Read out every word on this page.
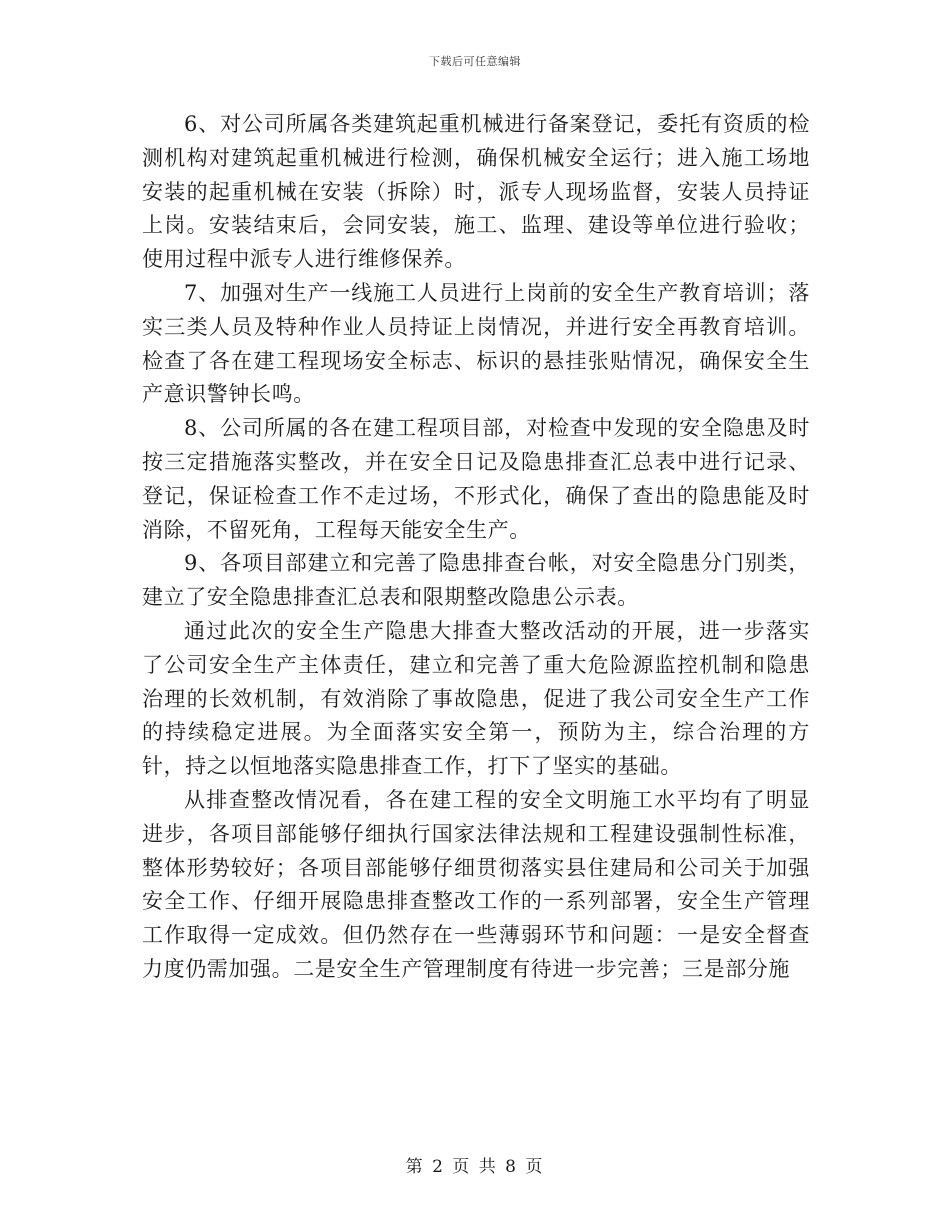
下载后可任意编辑

6、对公司所属各类建筑起重机械进行备案登记，委托有资质的检测机构对建筑起重机械进行检测，确保机械安全运行；进入施工场地安装的起重机械在安装（拆除）时，派专人现场监督，安装人员持证上岗。安装结束后，会同安装，施工、监理、建设等单位进行验收；使用过程中派专人进行维修保养。

7、加强对生产一线施工人员进行上岗前的安全生产教育培训；落实三类人员及特种作业人员持证上岗情况，并进行安全再教育培训。检查了各在建工程现场安全标志、标识的悬挂张贴情况，确保安全生产意识警钟长鸣。

8、公司所属的各在建工程项目部，对检查中发现的安全隐患及时按三定措施落实整改，并在安全日记及隐患排查汇总表中进行记录、登记，保证检查工作不走过场，不形式化，确保了查出的隐患能及时消除，不留死角，工程每天能安全生产。

9、各项目部建立和完善了隐患排查台帐，对安全隐患分门别类，建立了安全隐患排查汇总表和限期整改隐患公示表。

通过此次的安全生产隐患大排查大整改活动的开展，进一步落实了公司安全生产主体责任，建立和完善了重大危险源监控机制和隐患治理的长效机制，有效消除了事故隐患，促进了我公司安全生产工作的持续稳定进展。为全面落实安全第一，预防为主，综合治理的方针，持之以恒地落实隐患排查工作，打下了坚实的基础。

从排查整改情况看，各在建工程的安全文明施工水平均有了明显进步，各项目部能够仔细执行国家法律法规和工程建设强制性标准，整体形势较好；各项目部能够仔细贯彻落实县住建局和公司关于加强安全工作、仔细开展隐患排查整改工作的一系列部署，安全生产管理工作取得一定成效。但仍然存在一些薄弱环节和问题：一是安全督查力度仍需加强。二是安全生产管理制度有待进一步完善；三是部分施

第 2 页 共 8 页
